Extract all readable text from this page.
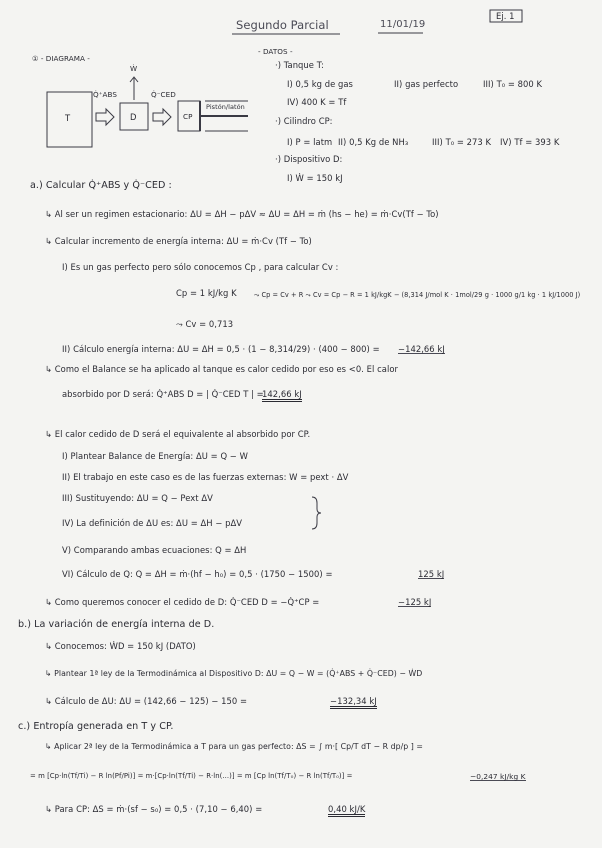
Segundo Parcial	11/01/19
Ej. 1
① - DIAGRAMA -
T	D	CP
Pistón/latón
Q̇⁺ABS
Ẇ
Q̇⁻CED
- DATOS -
·) Tanque T:
I) 0,5 kg de gas	II) gas perfecto	III) T₀ = 800 K
IV) 400 K = Tf
·) Cilindro CP:
I) P = latm II) 0,5 Kg de NH₃	III) T₀ = 273 K IV) Tf = 393 K
·) Dispositivo D:
I) Ẇ = 150 kJ
a.) Calcular Q̇⁺ABS y Q̇⁻CED :
↳ Al ser un regimen estacionario: ΔU = ΔH − pΔV ≈ ΔU = ΔH = ṁ (hs − he) = ṁ·Cv(Tf − To)
↳ Calcular incremento de energía interna: ΔU = ṁ·Cv (Tf − To)
I) Es un gas perfecto pero sólo conocemos Cp , para calcular Cv :
Cp = 1 kJ/kg K	⤳ Cp = Cv + R ⤳ Cv = Cp − R = 1 kJ/kgK − (8,314 J/mol K · 1mol/29 g · 1000 g/1 kg · 1 kJ/1000 J)
⤳ Cv = 0,713
II) Cálculo energía interna: ΔU = ΔH = 0,5 · (1 − 8,314/29) · (400 − 800) = −142,66 kJ
↳ Como el Balance se ha aplicado al tanque es calor cedido por eso es <0. El calor
absorbido por D será: Q̇⁺ABS D = | Q̇⁻CED T | =
142,66 kJ
↳ El calor cedido de D será el equivalente al absorbido por CP.
I) Plantear Balance de Energía: ΔU = Q − W
II) El trabajo en este caso es de las fuerzas externas: W = pext · ΔV
III) Sustituyendo: ΔU = Q − Pext ΔV
IV) La definición de ΔU es: ΔU = ΔH − pΔV
V) Comparando ambas ecuaciones: Q = ΔH
VI) Cálculo de Q: Q = ΔH = ṁ·(hf − h₀) = 0,5 · (1750 − 1500) =	125 kJ
↳ Como queremos conocer el cedido de D: Q̇⁻CED D = −Q̇⁺CP =	−125 kJ
b.) La variación de energía interna de D.
↳ Conocemos: ẆD = 150 kJ (DATO)
↳ Plantear 1ª ley de la Termodinámica al Dispositivo D: ΔU = Q − W = (Q̇⁺ABS + Q̇⁻CED) − ẆD
↳ Cálculo de ΔU: ΔU = (142,66 − 125) − 150 =	−132,34 kJ
c.) Entropía generada en T y CP.
↳ Aplicar 2ª ley de la Termodinámica a T para un gas perfecto: ΔS = ∫ m·[ Cp/T dT − R dp/p ] =
= m [Cp·ln(Tf/Ti) − R ln(Pf/Pi)] = m·[Cp·ln(Tf/Ti) − R·ln(...)] = m [Cp ln(Tf/T₀) − R ln(Tf/T₀)] =	−0,247 kJ/kg K
↳ Para CP: ΔS = ṁ·(sf − s₀) = 0,5 · (7,10 − 6,40) =	0,40 kJ/K
